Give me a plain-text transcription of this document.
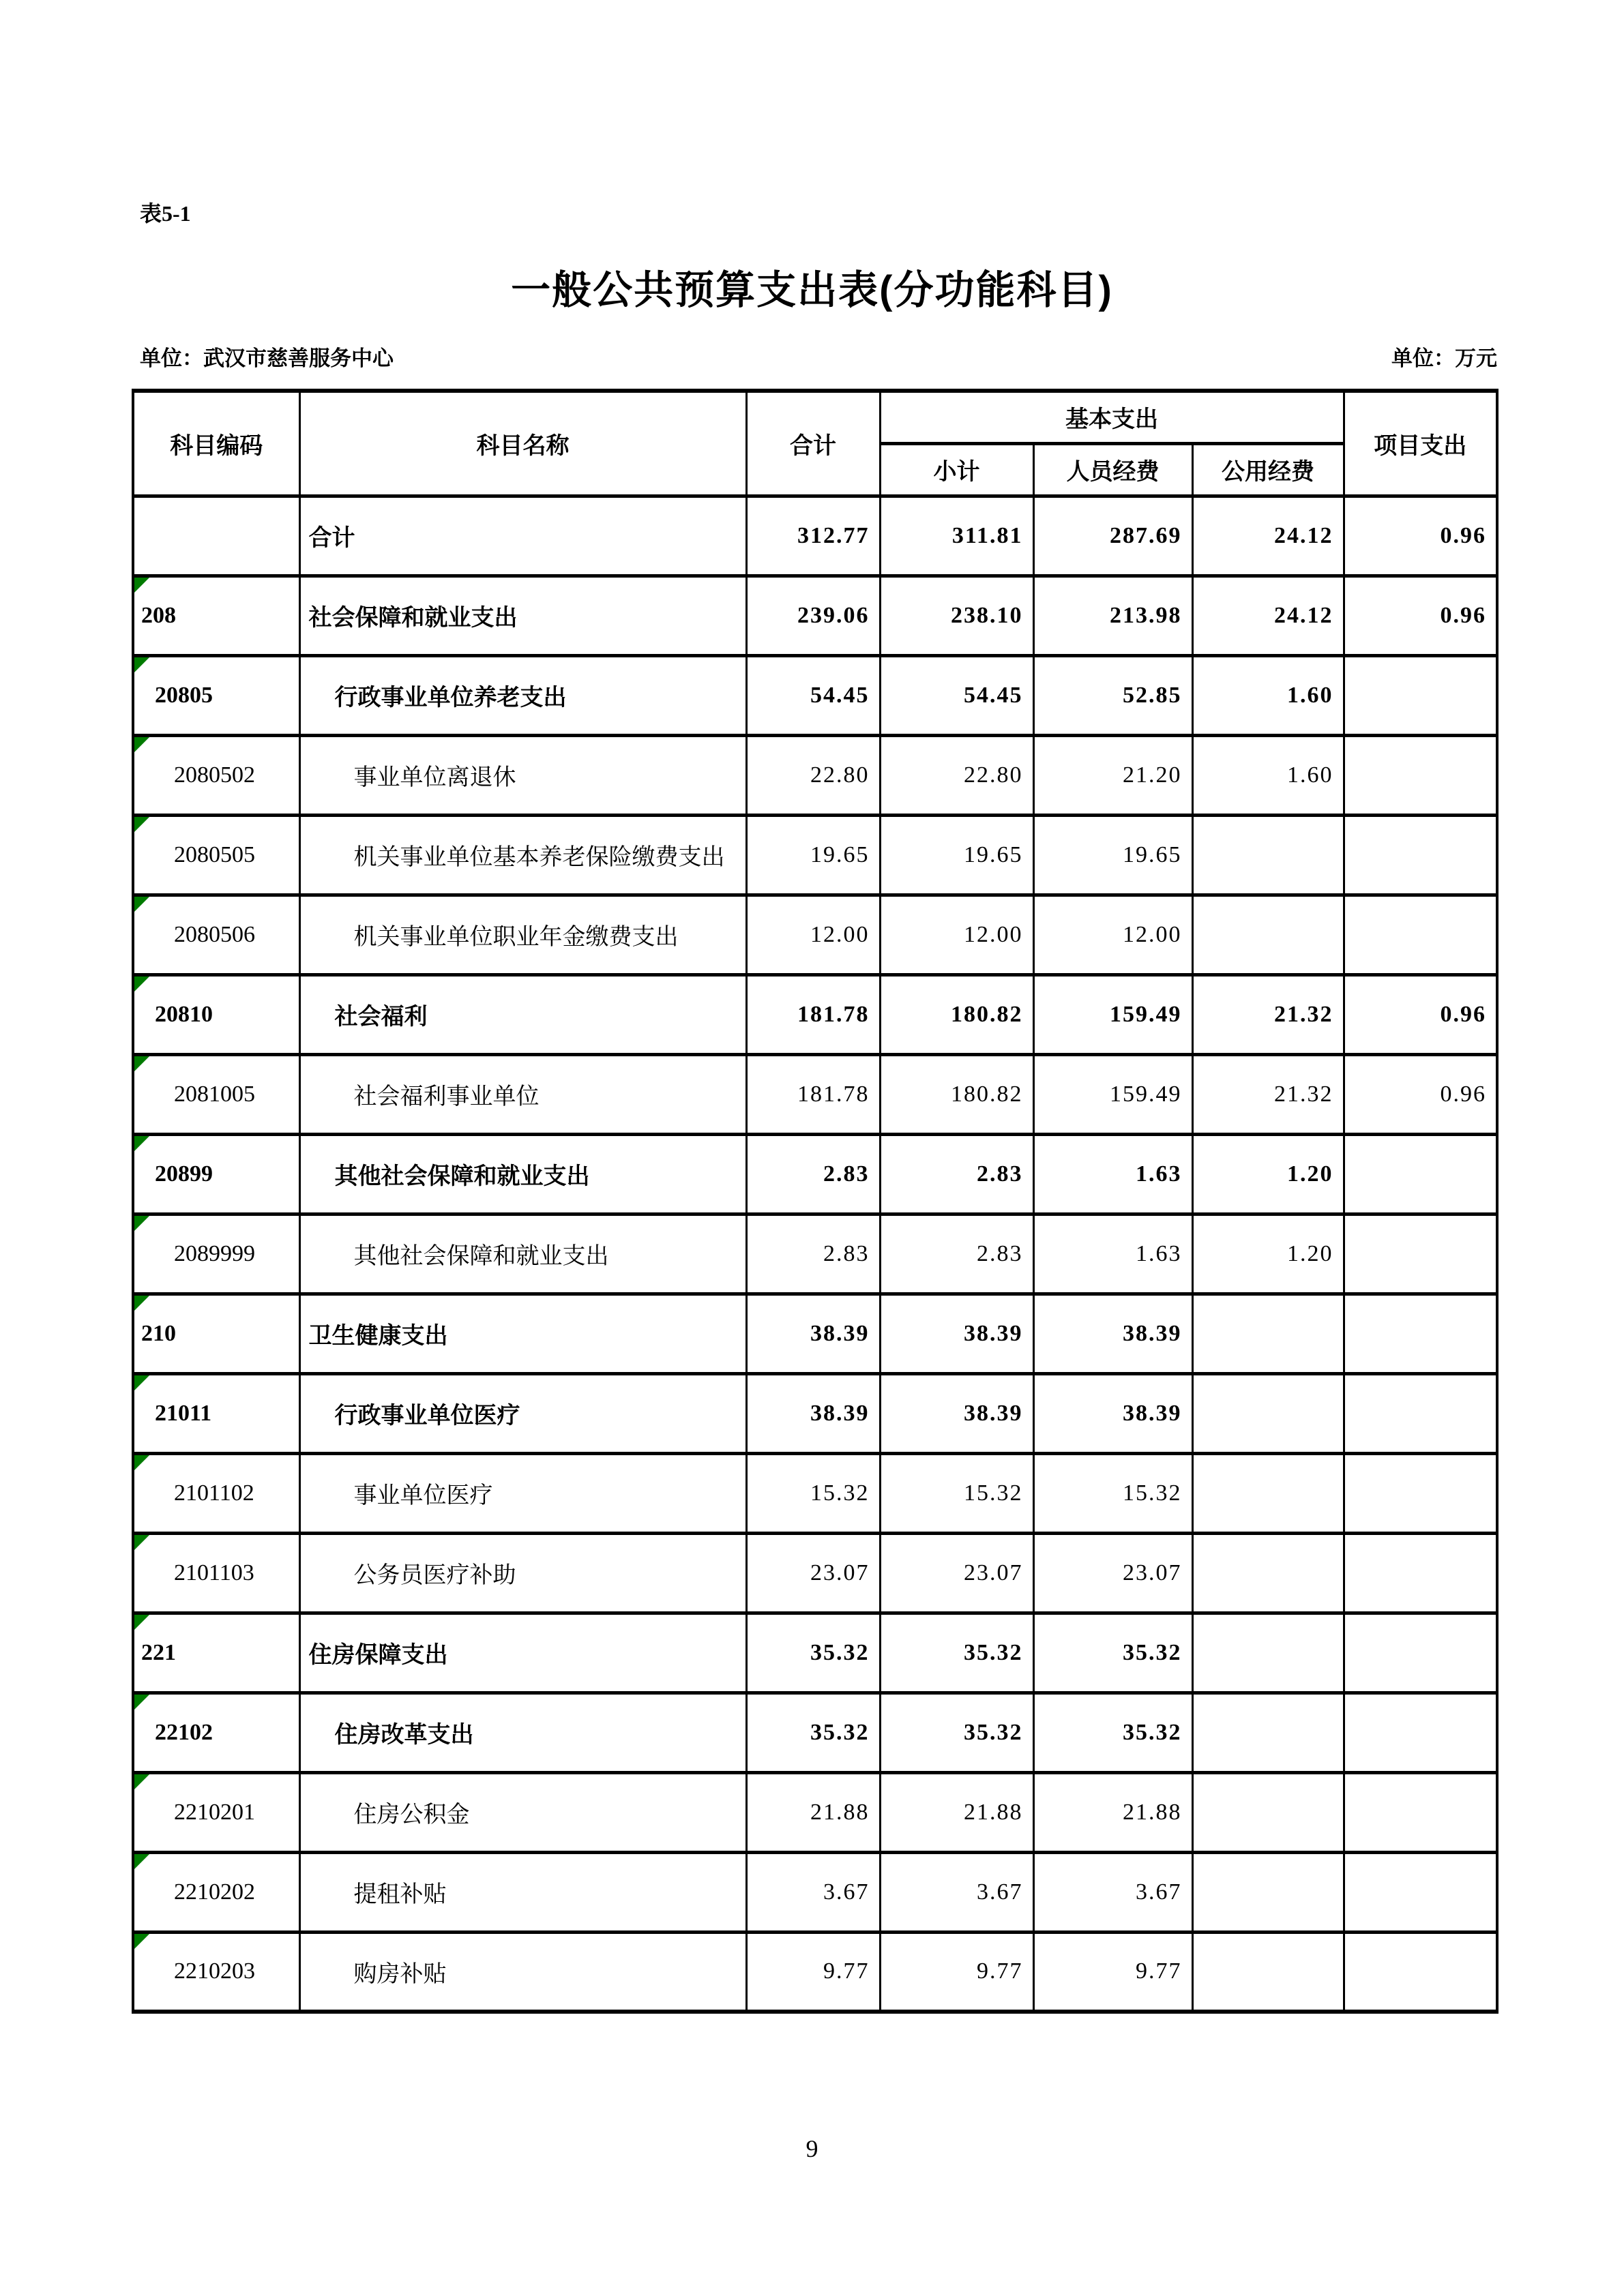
表5-1
一般公共预算支出表(分功能科目)
单位：武汉市慈善服务中心	单位：万元
科目编码	科目名称	合计	基本支出			项目支出
			小计	人员经费	公用经费	
	合计	312.77	311.81	287.69	24.12	0.96

208	社会保障和就业支出	239.06	238.10	213.98	24.12	0.96

20805	行政事业单位养老支出	54.45	54.45	52.85	1.60	

2080502	事业单位离退休	22.80	22.80	21.20	1.60	

2080505	机关事业单位基本养老保险缴费支出	19.65	19.65	19.65		

2080506	机关事业单位职业年金缴费支出	12.00	12.00	12.00		

20810	社会福利	181.78	180.82	159.49	21.32	0.96

2081005	社会福利事业单位	181.78	180.82	159.49	21.32	0.96

20899	其他社会保障和就业支出	2.83	2.83	1.63	1.20	

2089999	其他社会保障和就业支出	2.83	2.83	1.63	1.20	

210	卫生健康支出	38.39	38.39	38.39		

21011	行政事业单位医疗	38.39	38.39	38.39		

2101102	事业单位医疗	15.32	15.32	15.32		

2101103	公务员医疗补助	23.07	23.07	23.07		

221	住房保障支出	35.32	35.32	35.32		

22102	住房改革支出	35.32	35.32	35.32		

2210201	住房公积金	21.88	21.88	21.88		

2210202	提租补贴	3.67	3.67	3.67		

2210203	购房补贴	9.77	9.77	9.77		
9
